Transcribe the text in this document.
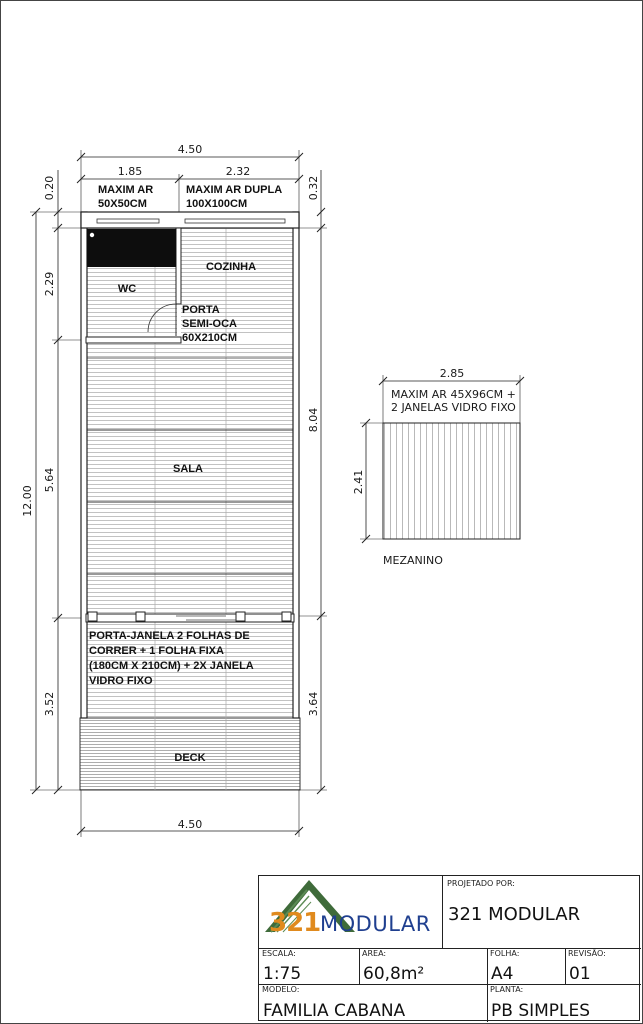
4.50
1.85	2.32
MAXIM AR 50X50CM
MAXIM AR DUPLA 100X100CM
COZINHA
WC
PORTA SEMI-OCA 60X210CM
SALA
PORTA-JANELA 2 FOLHAS DE CORRER + 1 FOLHA FIXA (180CM X 210CM) + 2X JANELA VIDRO FIXO
DECK
0.20
2.29
5.64
3.52
12.00
0.32
8.04
3.64
4.50
2.85
MAXIM AR 45X96CM + 2 JANELAS VIDRO FIXO
2.41
MEZANINO
321 MODULAR
PROJETADO POR:
321 MODULAR
ESCALA:
1:75
AREA:
60,8m²
FOLHA:
A4
REVISÃO:
01
MODELO:
FAMILIA CABANA
PLANTA:
PB SIMPLES
